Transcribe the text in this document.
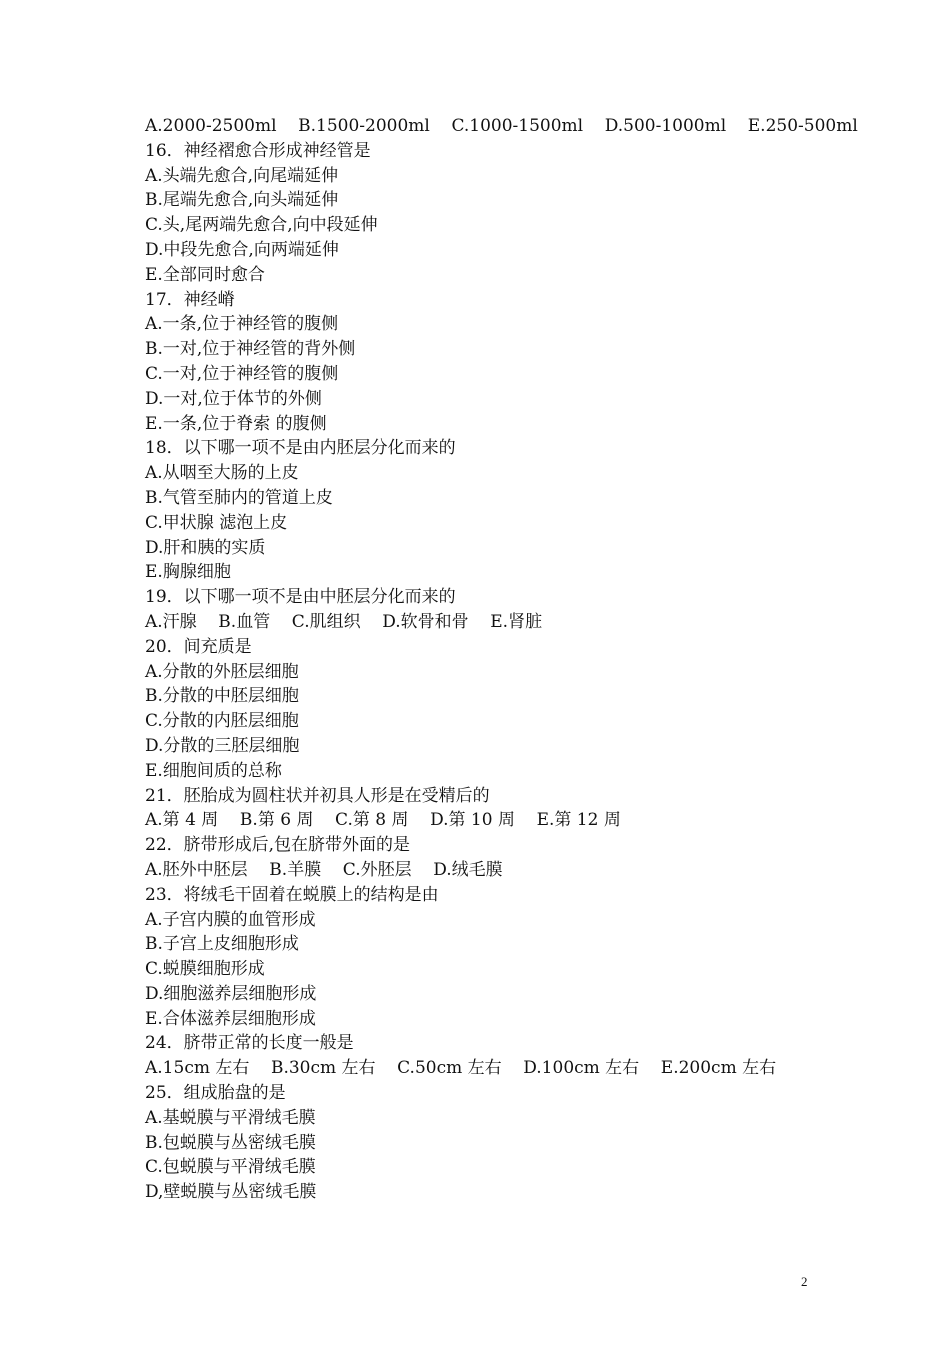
A.2000-2500ml    B.1500-2000ml    C.1000-1500ml    D.500-1000ml    E.250-500ml
16．神经褶愈合形成神经管是
A.头端先愈合,向尾端延伸
B.尾端先愈合,向头端延伸
C.头,尾两端先愈合,向中段延伸
D.中段先愈合,向两端延伸
E.全部同时愈合
17．神经嵴
A.一条,位于神经管的腹侧
B.一对,位于神经管的背外侧
C.一对,位于神经管的腹侧
D.一对,位于体节的外侧
E.一条,位于脊索 的腹侧
18．以下哪一项不是由内胚层分化而来的
A.从咽至大肠的上皮
B.气管至肺内的管道上皮
C.甲状腺 滤泡上皮
D.肝和胰的实质
E.胸腺细胞
19．以下哪一项不是由中胚层分化而来的
A.汗腺    B.血管    C.肌组织    D.软骨和骨    E.肾脏
20．间充质是
A.分散的外胚层细胞
B.分散的中胚层细胞
C.分散的内胚层细胞
D.分散的三胚层细胞
E.细胞间质的总称
21．胚胎成为圆柱状并初具人形是在受精后的
A.第 4 周    B.第 6 周    C.第 8 周    D.第 10 周    E.第 12 周
22．脐带形成后,包在脐带外面的是
A.胚外中胚层    B.羊膜    C.外胚层    D.绒毛膜
23．将绒毛干固着在蜕膜上的结构是由
A.子宫内膜的血管形成
B.子宫上皮细胞形成
C.蜕膜细胞形成
D.细胞滋养层细胞形成
E.合体滋养层细胞形成
24．脐带正常的长度一般是
A.15cm 左右    B.30cm 左右    C.50cm 左右    D.100cm 左右    E.200cm 左右
25．组成胎盘的是
A.基蜕膜与平滑绒毛膜
B.包蜕膜与丛密绒毛膜
C.包蜕膜与平滑绒毛膜
D,壁蜕膜与丛密绒毛膜
2
